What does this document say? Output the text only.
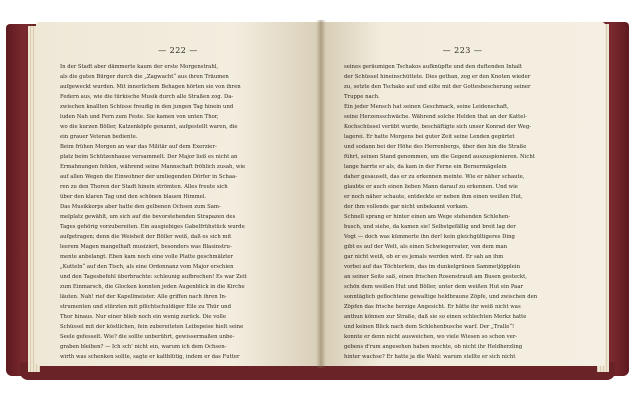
— 222 —
In der Stadt aber dämmerte kaum der erste Morgenstrahl,
als die guten Bürger durch die „Zagwacht“ aus ihren Träumen
aufgeweckt wurden. Mit innerlichem Behagen hörten sie von ihren
Federn aus, wie die türkische Musik durch alle Straßen zog. Da-
zwischen knallten Schüsse freudig in den jungen Tag hinein und
luden Nah und Fern zum Feste. Sie kamen von unten Thor,
wo die kurzen Böller, Katzenköpfe genannt, aufgestellt waren, die
ein grauer Veteran bediente.
Beim frühen Morgen an war das Militär auf dem Exerzier-
platz beim Schützenhause versammelt. Der Major ließ es nicht an
Ermahnungen fehlen, während seine Mannschaft fröhlich zusah, wie
auf allen Wegen die Einwohner der umliegenden Dörfer in Schaa-
ren zu den Thoren der Stadt hinein strömten. Alles freute sich
über den klaren Tag und den schönen blauen Himmel.
Das Musikkorps aber hatte den gelbenen Ochsen zum Sam-
melplatz gewählt, um sich auf die bevorstehenden Strapazen des
Tages gehörig vorzubereiten. Ein ausgiebiges Gabelfrühstück wurde
aufgetragen; denn die Weisheit der Böller weiß, daß es sich mit
leerem Magen mangelhaft musiziert, besonders was Blasinstru-
mente anbelangt. Eben kam noch eine volle Platte geschmälzter
„Kutteln“ auf den Tisch, als eine Ordonnanz vom Major erschien
und den Tagesbefehl überbrachte: schleunig aufbrechen! Es war Zeit
zum Einmarsch, die Glocken konnten jeden Augenblick in die Kirche
läuten. Nah! rief der Kapellmeister. Alle griffen nach ihren In-
strumenten und stürzten mit pflichtschuldiger Eile zu Thür und
Thor hinaus. Nur einer blieb noch ein wenig zurück. Die volle
Schüssel mit der köstlichen, fein zubereiteten Leibspeise hielt seine
Seele gefesselt. Wie? die sollte unberührt, gewissermaßen unbe-
graben bleiben? — Ich sch' nicht ein, warum ich dem Ochsen-
wirth was schenken sollte, sagte er kaltblütig, indem er das Futter
— 223 —
seines geräumigen Tschakos aufknüpfte und den duftenden Inhalt
der Schüssel hineinschüttete. Dies gethan, zog er den Knoten wieder
zu, setzte den Tschako auf und eilte mit der Gottesbescherung seiner
Truppe nach.
Ein jeder Mensch hat seinen Geschmack, seine Leidenschaft,
seine Herzensschwäche. Während solche Helden that an der Kattel-
Kochschüssel verübt wurde, beschäftigte sich unser Konrad der Weg-
lagerei. Er hatte Morgens bei guter Zeit seine Lenden gegürtet
und sodann bei der Höhe des Herrenbergs, über den hin die Straße
führt, seinen Stand genommen, um die Gegend auszuspionieren. Nicht
lange harrte er als, da kam in der Ferne ein Bernermägelein
daher gesauselt, das er zu erkennen meinte. Wie er näher schaute,
glaubte er auch einen lieben Mann darauf zu erkennen. Und wie
er noch näher schaute, entdeckte er neben ihm einen weißen Hut,
der ihm vollends gar nicht unbekannt vorkam.
Schnell sprang er hinter einen am Wege stehenden Schlehen-
busch, und siehe, da kamen sie! Selbstgefällig und breit lag der
Vogt — doch was kümmerte ihn der! kein gleichgültigeres Ding
gibt es auf der Welt, als einen Schwiegervater, von dem man
gar nicht weiß, ob er es jemals werden wird. Er sah an ihm
vorbei auf das Töchterlein, das im dunkelgrünen Sammetjöpplein
an seiner Seite saß, einen frischen Rosenstrauß am Busen gesteckt,
schön dem weißen Hut und Böller, unter dem weißen Hut ein Paar
sonntäglich geflochtene gewaltige heldbraune Zöpfe, und zwischen den
Zöpfen das frische herzige Angesicht. Er hätte ihr weiß nicht was
anthun können zur Straße, daß sie so einen schlechten Merkz hatte
und keinen Blick nach dem Schlehenbusche warf. Der „Tralle“!
konnte er denn nicht ausweichen, wo viele Wiesen so schon ver-
gebens d'rum angesehen haben mochte, ob nicht ihr Heldherzling
hinter wachse? Er hatte ja die Wahl: warum stellte er sich nicht
